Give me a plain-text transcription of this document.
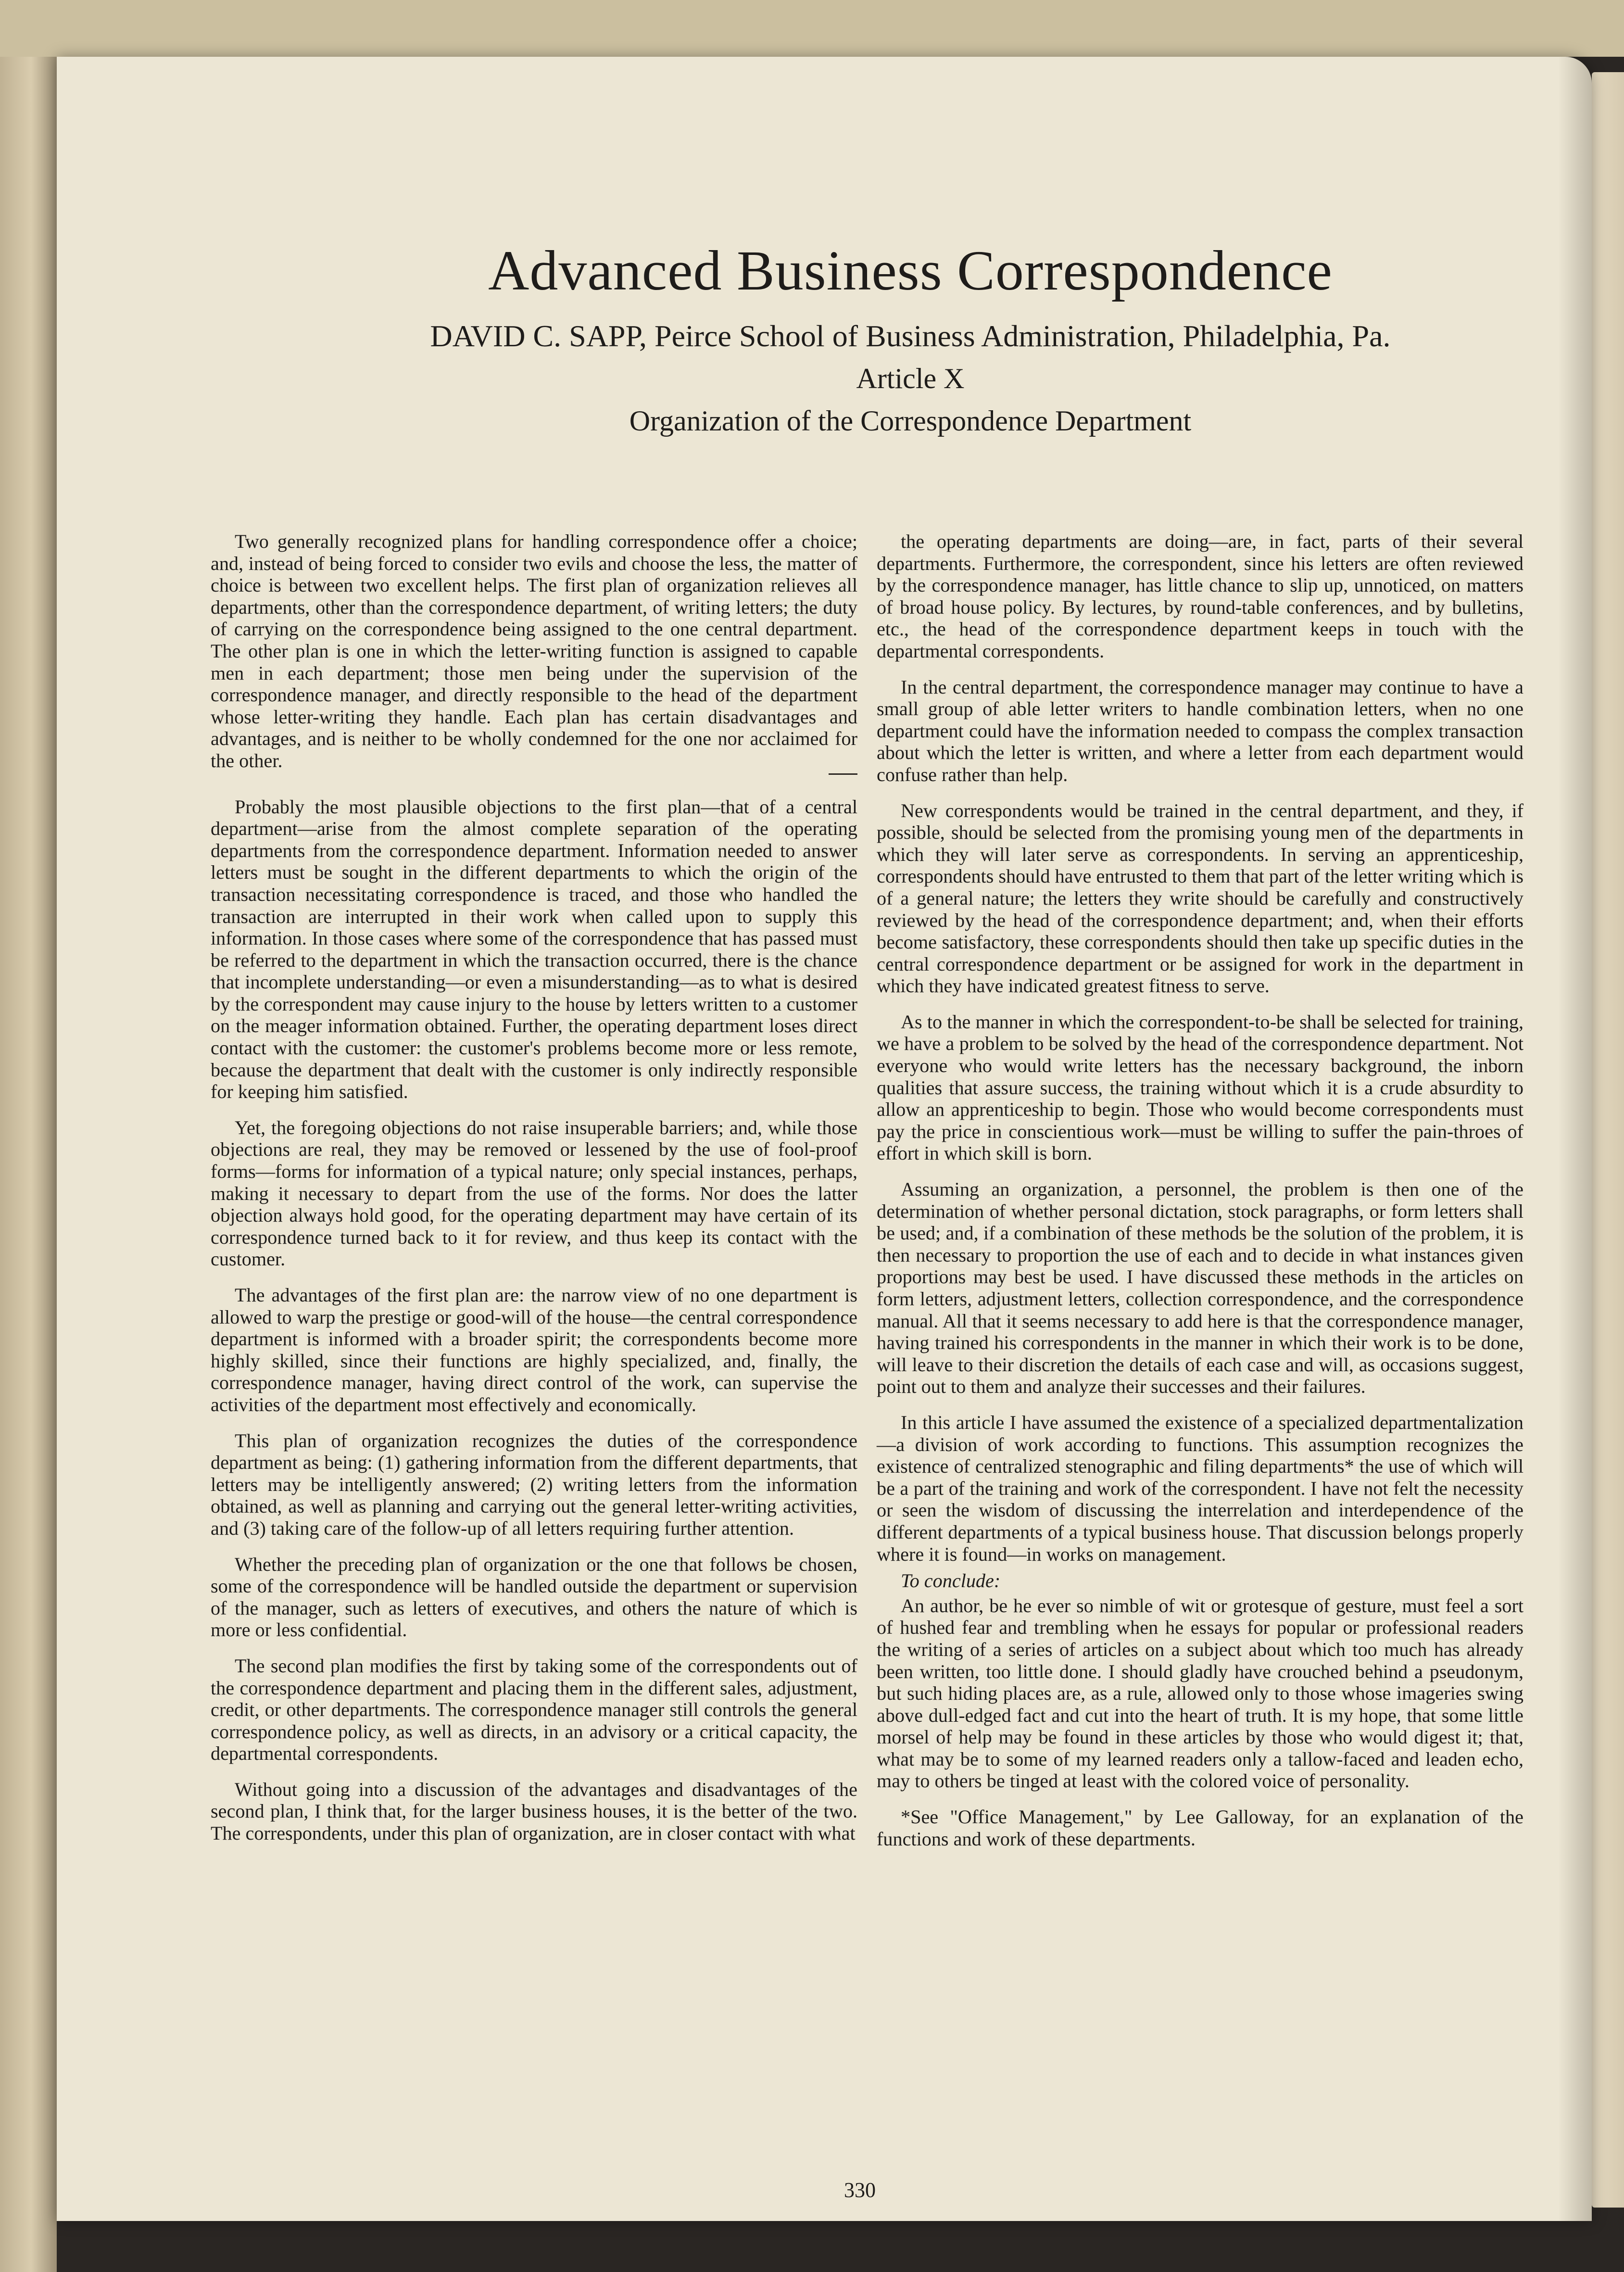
Advanced Business Correspondence
DAVID C. SAPP, Peirce School of Business Administration, Philadelphia, Pa.
Article X
Organization of the Correspondence Department

Two generally recognized plans for handling correspondence offer a choice; and, instead of being forced to consider two evils and choose the less, the matter of choice is between two excellent helps. The first plan of organization relieves all departments, other than the correspondence department, of writing letters; the duty of carrying on the correspondence being assigned to the one central department. The other plan is one in which the letter-writing function is assigned to capable men in each department; those men being under the supervision of the correspondence manager, and directly responsible to the head of the department whose letter-writing they handle. Each plan has certain disadvantages and advantages, and is neither to be wholly condemned for the one nor acclaimed for the other.

Probably the most plausible objections to the first plan—that of a central department—arise from the almost complete separation of the operating departments from the correspondence department. Information needed to answer letters must be sought in the different departments to which the origin of the transaction necessitating correspondence is traced, and those who handled the transaction are interrupted in their work when called upon to supply this information. In those cases where some of the correspondence that has passed must be referred to the department in which the transaction occurred, there is the chance that incomplete understanding—or even a misunderstanding—as to what is desired by the correspondent may cause injury to the house by letters written to a customer on the meager information obtained. Further, the operating department loses direct contact with the customer: the customer's problems become more or less remote, because the department that dealt with the customer is only indirectly responsible for keeping him satisfied.

Yet, the foregoing objections do not raise insuperable barriers; and, while those objections are real, they may be removed or lessened by the use of fool-proof forms—forms for information of a typical nature; only special instances, perhaps, making it necessary to depart from the use of the forms. Nor does the latter objection always hold good, for the operating department may have certain of its correspondence turned back to it for review, and thus keep its contact with the customer.

The advantages of the first plan are: the narrow view of no one department is allowed to warp the prestige or good-will of the house—the central correspondence department is informed with a broader spirit; the correspondents become more highly skilled, since their functions are highly specialized, and, finally, the correspondence manager, having direct control of the work, can supervise the activities of the department most effectively and economically.

This plan of organization recognizes the duties of the correspondence department as being: (1) gathering information from the different departments, that letters may be intelligently answered; (2) writing letters from the information obtained, as well as planning and carrying out the general letter-writing activities, and (3) taking care of the follow-up of all letters requiring further attention.

Whether the preceding plan of organization or the one that follows be chosen, some of the correspondence will be handled outside the department or supervision of the manager, such as letters of executives, and others the nature of which is more or less confidential.

The second plan modifies the first by taking some of the correspondents out of the correspondence department and placing them in the different sales, adjustment, credit, or other departments. The correspondence manager still controls the general correspondence policy, as well as directs, in an advisory or a critical capacity, the departmental correspondents.

Without going into a discussion of the advantages and disadvantages of the second plan, I think that, for the larger business houses, it is the better of the two. The correspondents, under this plan of organization, are in closer contact with what

the operating departments are doing—are, in fact, parts of their several departments. Furthermore, the correspondent, since his letters are often reviewed by the correspondence manager, has little chance to slip up, unnoticed, on matters of broad house policy. By lectures, by round-table conferences, and by bulletins, etc., the head of the correspondence department keeps in touch with the departmental correspondents.

In the central department, the correspondence manager may continue to have a small group of able letter writers to handle combination letters, when no one department could have the information needed to compass the complex transaction about which the letter is written, and where a letter from each department would confuse rather than help.

New correspondents would be trained in the central department, and they, if possible, should be selected from the promising young men of the departments in which they will later serve as correspondents. In serving an apprenticeship, correspondents should have entrusted to them that part of the letter writing which is of a general nature; the letters they write should be carefully and constructively reviewed by the head of the correspondence department; and, when their efforts become satisfactory, these correspondents should then take up specific duties in the central correspondence department or be assigned for work in the department in which they have indicated greatest fitness to serve.

As to the manner in which the correspondent-to-be shall be selected for training, we have a problem to be solved by the head of the correspondence department. Not everyone who would write letters has the necessary background, the inborn qualities that assure success, the training without which it is a crude absurdity to allow an apprenticeship to begin. Those who would become correspondents must pay the price in conscientious work—must be willing to suffer the pain-throes of effort in which skill is born.

Assuming an organization, a personnel, the problem is then one of the determination of whether personal dictation, stock paragraphs, or form letters shall be used; and, if a combination of these methods be the solution of the problem, it is then necessary to proportion the use of each and to decide in what instances given proportions may best be used. I have discussed these methods in the articles on form letters, adjustment letters, collection correspondence, and the correspondence manual. All that it seems necessary to add here is that the correspondence manager, having trained his correspondents in the manner in which their work is to be done, will leave to their discretion the details of each case and will, as occasions suggest, point out to them and analyze their successes and their failures.

In this article I have assumed the existence of a specialized departmentalization—a division of work according to functions. This assumption recognizes the existence of centralized stenographic and filing departments* the use of which will be a part of the training and work of the correspondent. I have not felt the necessity or seen the wisdom of discussing the interrelation and interdependence of the different departments of a typical business house. That discussion belongs properly where it is found—in works on management.

To conclude:

An author, be he ever so nimble of wit or grotesque of gesture, must feel a sort of hushed fear and trembling when he essays for popular or professional readers the writing of a series of articles on a subject about which too much has already been written, too little done. I should gladly have crouched behind a pseudonym, but such hiding places are, as a rule, allowed only to those whose imageries swing above dull-edged fact and cut into the heart of truth. It is my hope, that some little morsel of help may be found in these articles by those who would digest it; that, what may be to some of my learned readers only a tallow-faced and leaden echo, may to others be tinged at least with the colored voice of personality.

*See "Office Management," by Lee Galloway, for an explanation of the functions and work of these departments.

330
